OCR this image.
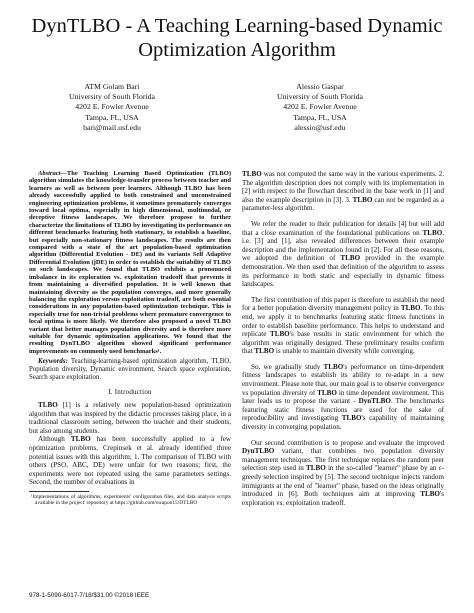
DynTLBO - A Teaching Learning-based Dynamic Optimization Algorithm
ATM Golam Bari
University of South Florida
4202 E. Fowler Avenue
Tampa, FL, USA
bari@mail.usf.edu
Alessio Gaspar
University of South Florida
4202 E. Fowler Avenue
Tampa, FL, USA
alessio@usf.edu

Abstract—The Teaching Learning Based Optimization (TLBO) algorithm simulates the knowledge-transfer process between teacher and learners as well as between peer learners. Although TLBO has been already successfully applied to both constrained and unconstrained engineering optimization problems, it sometimes prematurely converges toward local optima, especially in high dimensional, multimodal, or deceptive fitness landscapes. We therefore propose to further characterize the limitations of TLBO by investigating its performance on different benchmarks featuring both stationary, to establish a baseline, but especially non-stationary fitness landscapes. The results are then compared with a state of the art population-based optimization algorithm (Differential Evolution - DE) and its variants Self Adaptive Differential Evolution (jDE) in order to establish the suitability of TLBO on such landscapes. We found that TLBO exhibits a pronounced imbalance in its exploration vs. exploitation tradeoff that prevents it from maintaining a diversified population. It is well known that maintaining diversity as the population converges, and more generally balancing the exploration versus exploitation tradeoff, are both essential considerations in any population-based optimization technique. This is especially true for non-trivial problems where premature convergence to local optima is more likely. We therefore also proposed a novel TLBO variant that better manages population diversity and is therefore more suitable for dynamic optimization applications. We found that the resulting DynTLBO algorithm showed significant performance improvements on commonly used benchmarks¹.

Keywords: Teaching-learning-based optimization algorithm, TLBO, Population diversity, Dynamic environment, Search space exploration, Search space exploitation.

I. Introduction

TLBO [1] is a relatively new population-based optimization algorithm that was inspired by the didactic processes taking place, in a traditional classroom setting, between the teacher and their students, but also among students.

Although TLBO has been successfully applied to a few optimization problems, Crepinsek et al. already identified three potential issues with this algorithm; 1. The comparison of TLBO with others (PSO, ABC, DE) were unfair for two reasons; first, the experiments were not repeated using the same parameters settings. Second, the number of evaluations in

¹Implementations of algorithms, experiments' configuration files, and data analysis scripts available in the project' repository at https://github.com/swapon15/DTLBO

TLBO was not computed the same way in the various experiments. 2. The algorithm description does not comply with its implementation in [2] with respect to the flowchart described in the base work in [1] and also the example description in [3]. 3. TLBO can not be regarded as a parameter-less algorithm.

We refer the reader to their publication for details [4] but will add that a close examination of the foundational publications on TLBO, i.e. [3] and [1], also revealed differences between their example description and the implementation found in [2]. For all these reasons, we adopted the definition of TLBO provided in the example demonstration. We then used that definition of the algorithm to assess its performance in both static and especially in dynamic fitness landscapes.

The first contribution of this paper is therefore to establish the need for a better population diversity management policy in TLBO. To this end, we apply it to benchmarks featuring static fitness functions in order to establish baseline performance. This helps to understand and replicate TLBO's base results in static environment for which the algorithm was originally designed. These preliminary results confirm that TLBO is unable to maintain diversity while converging.

So, we gradually study TLBO's performance on time-dependent fitness landscapes to establish its ability to re-adapt in a new environment. Please note that, our main goal is to observe convergence vs population diversity of TLBO in time dependent environment. This later leads us to propose the variant - DynTLBO. The benchmarks featuring static fitness functions are used for the sake of reproducibility and investigating TLBO's capability of maintaining diversity in converging population.

Our second contribution is to propose and evaluate the improved DynTLBO variant, that combines two population diversity management techniques. The first technique replaces the random peer selection step used in TLBO in the so-called "learner" phase by an ε-greedy selection inspired by [5]. The second technique injects random immigrants at the end of "learner" phase, based on the ideas originally introduced in [6]. Both techniques aim at improving TLBO's exploration vs. exploitation tradeoff.

978-1-5090-6017-7/18/$31.00 ©2018 IEEE
